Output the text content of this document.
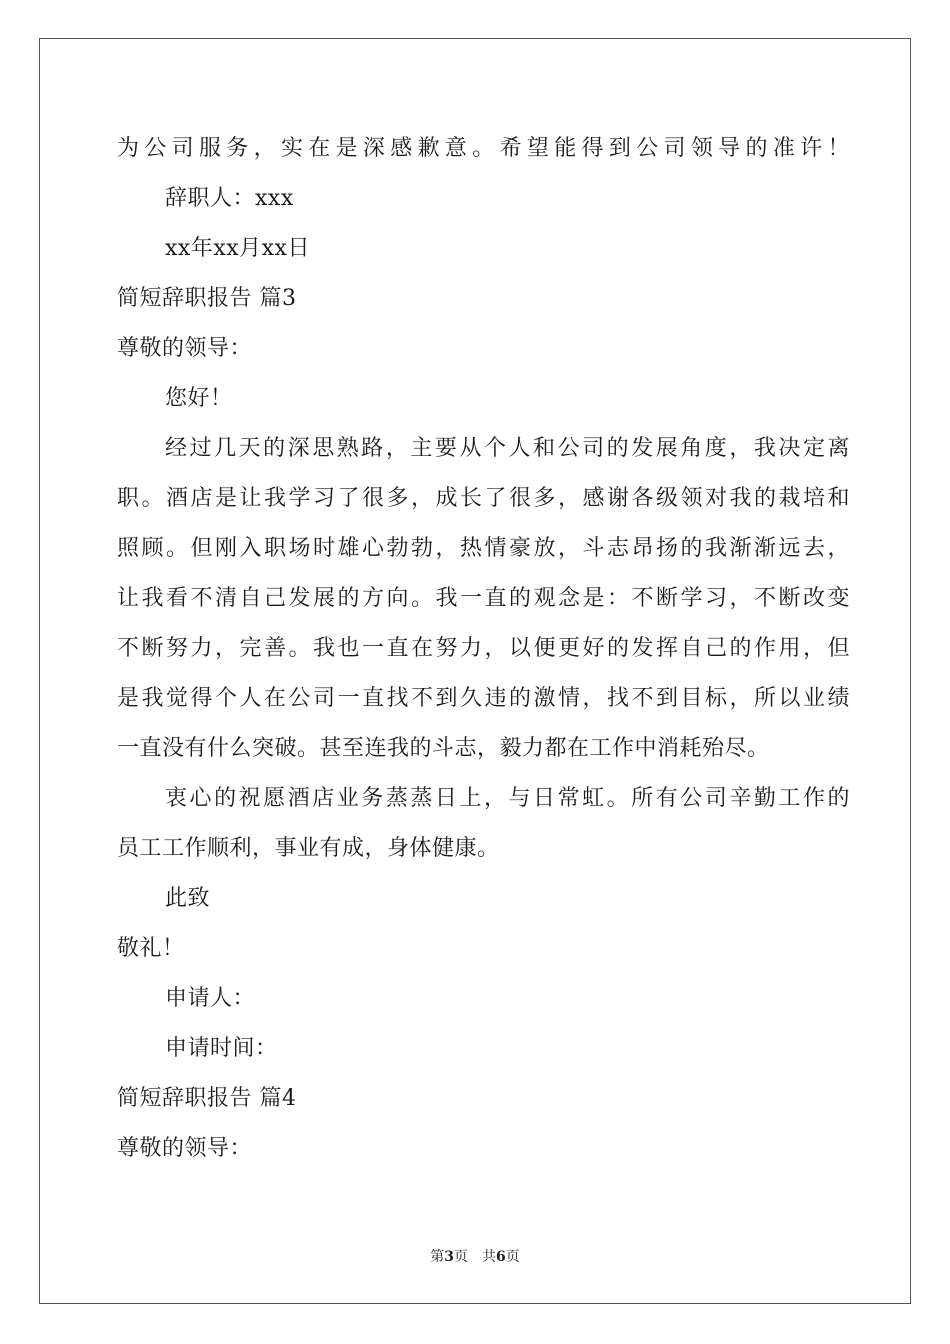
为公司服务，实在是深感歉意。希望能得到公司领导的准许！
辞职人：xxx
xx年xx月xx日
简短辞职报告 篇3
尊敬的领导：
您好！
经过几天的深思熟路，主要从个人和公司的发展角度，我决定离
职。酒店是让我学习了很多，成长了很多，感谢各级领对我的栽培和
照顾。但刚入职场时雄心勃勃，热情豪放，斗志昂扬的我渐渐远去，
让我看不清自己发展的方向。我一直的观念是：不断学习，不断改变
不断努力，完善。我也一直在努力，以便更好的发挥自己的作用，但
是我觉得个人在公司一直找不到久违的激情，找不到目标，所以业绩
一直没有什么突破。甚至连我的斗志，毅力都在工作中消耗殆尽。
衷心的祝愿酒店业务蒸蒸日上，与日常虹。所有公司辛勤工作的
员工工作顺利，事业有成，身体健康。
此致
敬礼！
申请人：
申请时间：
简短辞职报告 篇4
尊敬的领导：
第3页 共6页
